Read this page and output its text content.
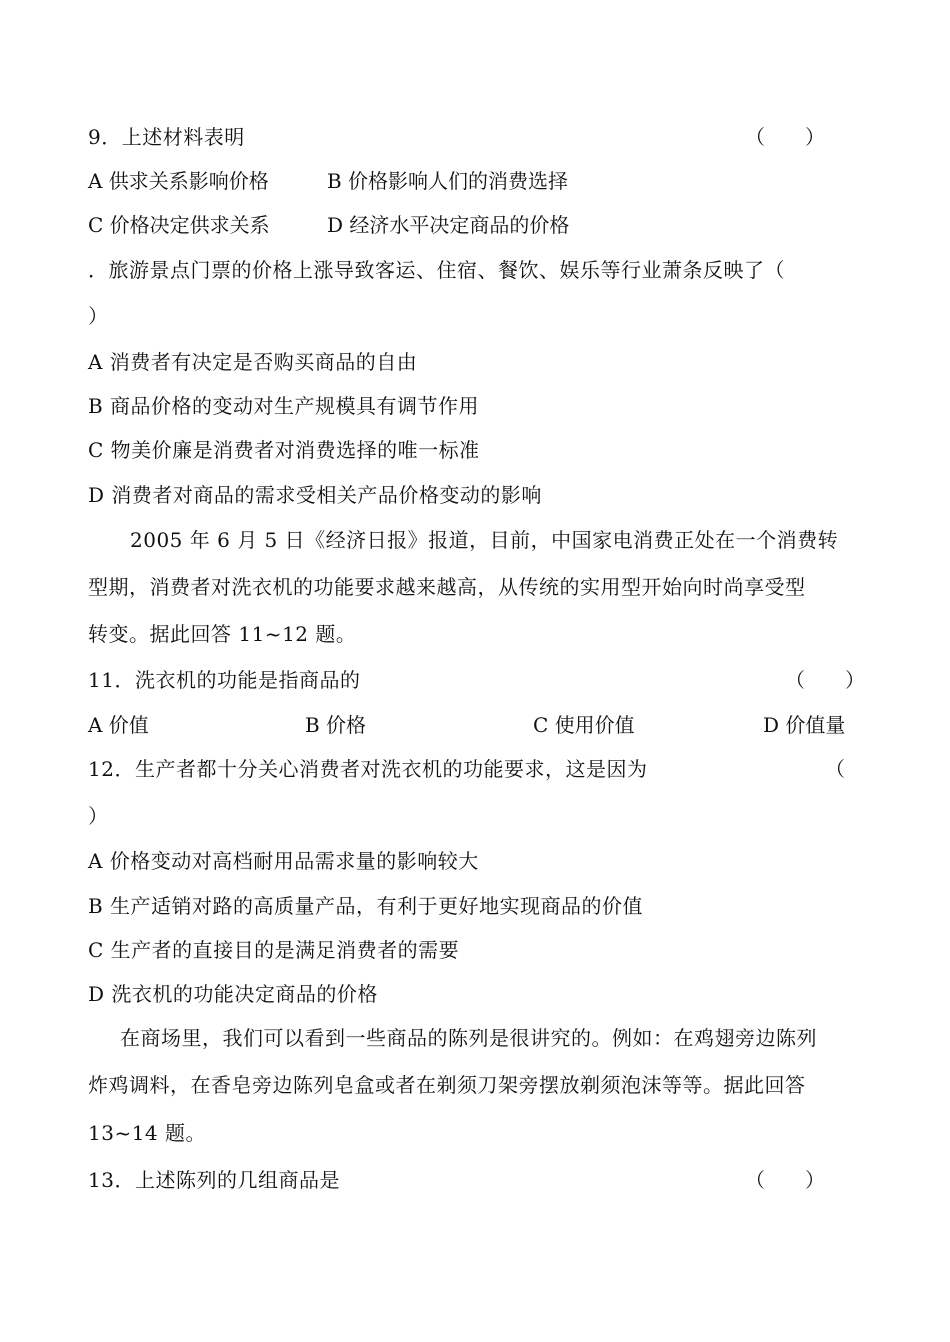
9．上述材料表明	（　　）
A 供求关系影响价格	B 价格影响人们的消费选择
C 价格决定供求关系	D 经济水平决定商品的价格
．旅游景点门票的价格上涨导致客运、住宿、餐饮、娱乐等行业萧条反映了（
）
A 消费者有决定是否购买商品的自由
B 商品价格的变动对生产规模具有调节作用
C 物美价廉是消费者对消费选择的唯一标准
D 消费者对商品的需求受相关产品价格变动的影响
2005 年 6 月 5 日《经济日报》报道，目前，中国家电消费正处在一个消费转
型期，消费者对洗衣机的功能要求越来越高，从传统的实用型开始向时尚享受型
转变。据此回答 11~12 题。
11．洗衣机的功能是指商品的	（　　）
A 价值	B 价格	C 使用价值	D 价值量
12．生产者都十分关心消费者对洗衣机的功能要求，这是因为	（
）
A 价格变动对高档耐用品需求量的影响较大
B 生产适销对路的高质量产品，有利于更好地实现商品的价值
C 生产者的直接目的是满足消费者的需要
D 洗衣机的功能决定商品的价格
在商场里，我们可以看到一些商品的陈列是很讲究的。例如：在鸡翅旁边陈列
炸鸡调料，在香皂旁边陈列皂盒或者在剃须刀架旁摆放剃须泡沫等等。据此回答
13~14 题。
13．上述陈列的几组商品是	（　　）
